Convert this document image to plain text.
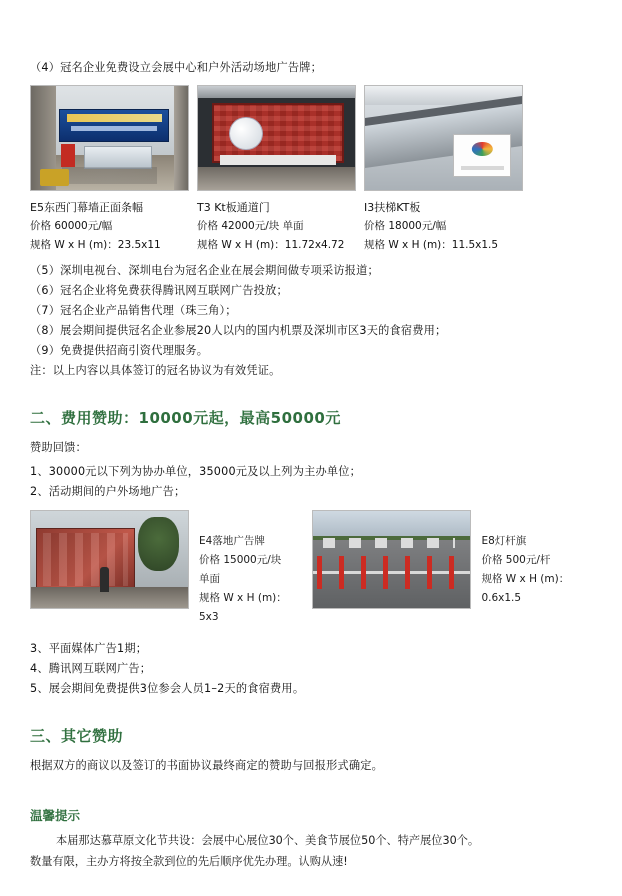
（4）冠名企业免费设立会展中心和户外活动场地广告牌；
E5东西门幕墙正面条幅
价格 60000元/幅
规格 W x H (m)：23.5x11
T3 Kt板通道门
价格 42000元/块 单面
规格 W x H (m)：11.72x4.72
I3扶梯KT板
价格 18000元/幅
规格 W x H (m)：11.5x1.5
（5）深圳电视台、深圳电台为冠名企业在展会期间做专项采访报道；
（6）冠名企业将免费获得腾讯网互联网广告投放；
（7）冠名企业产品销售代理（珠三角）；
（8）展会期间提供冠名企业参展20人以内的国内机票及深圳市区3天的食宿费用；
（9）免费提供招商引资代理服务。
注：以上内容以具体签订的冠名协议为有效凭证。
二、费用赞助：10000元起，最高50000元
赞助回馈：
1、30000元以下列为协办单位，35000元及以上列为主办单位；
2、活动期间的户外场地广告；
E4落地广告牌
价格 15000元/块 单面
规格 W x H (m)：5x3
E8灯杆旗
价格 500元/杆
规格 W x H (m)：0.6x1.5
3、平面媒体广告1期；
4、腾讯网互联网广告；
5、展会期间免费提供3位参会人员1–2天的食宿费用。
三、其它赞助
根据双方的商议以及签订的书面协议最终商定的赞助与回报形式确定。
温馨提示
本届那达慕草原文化节共设：会展中心展位30个、美食节展位50个、特产展位30个。
数量有限，主办方将按全款到位的先后顺序优先办理。认购从速!
